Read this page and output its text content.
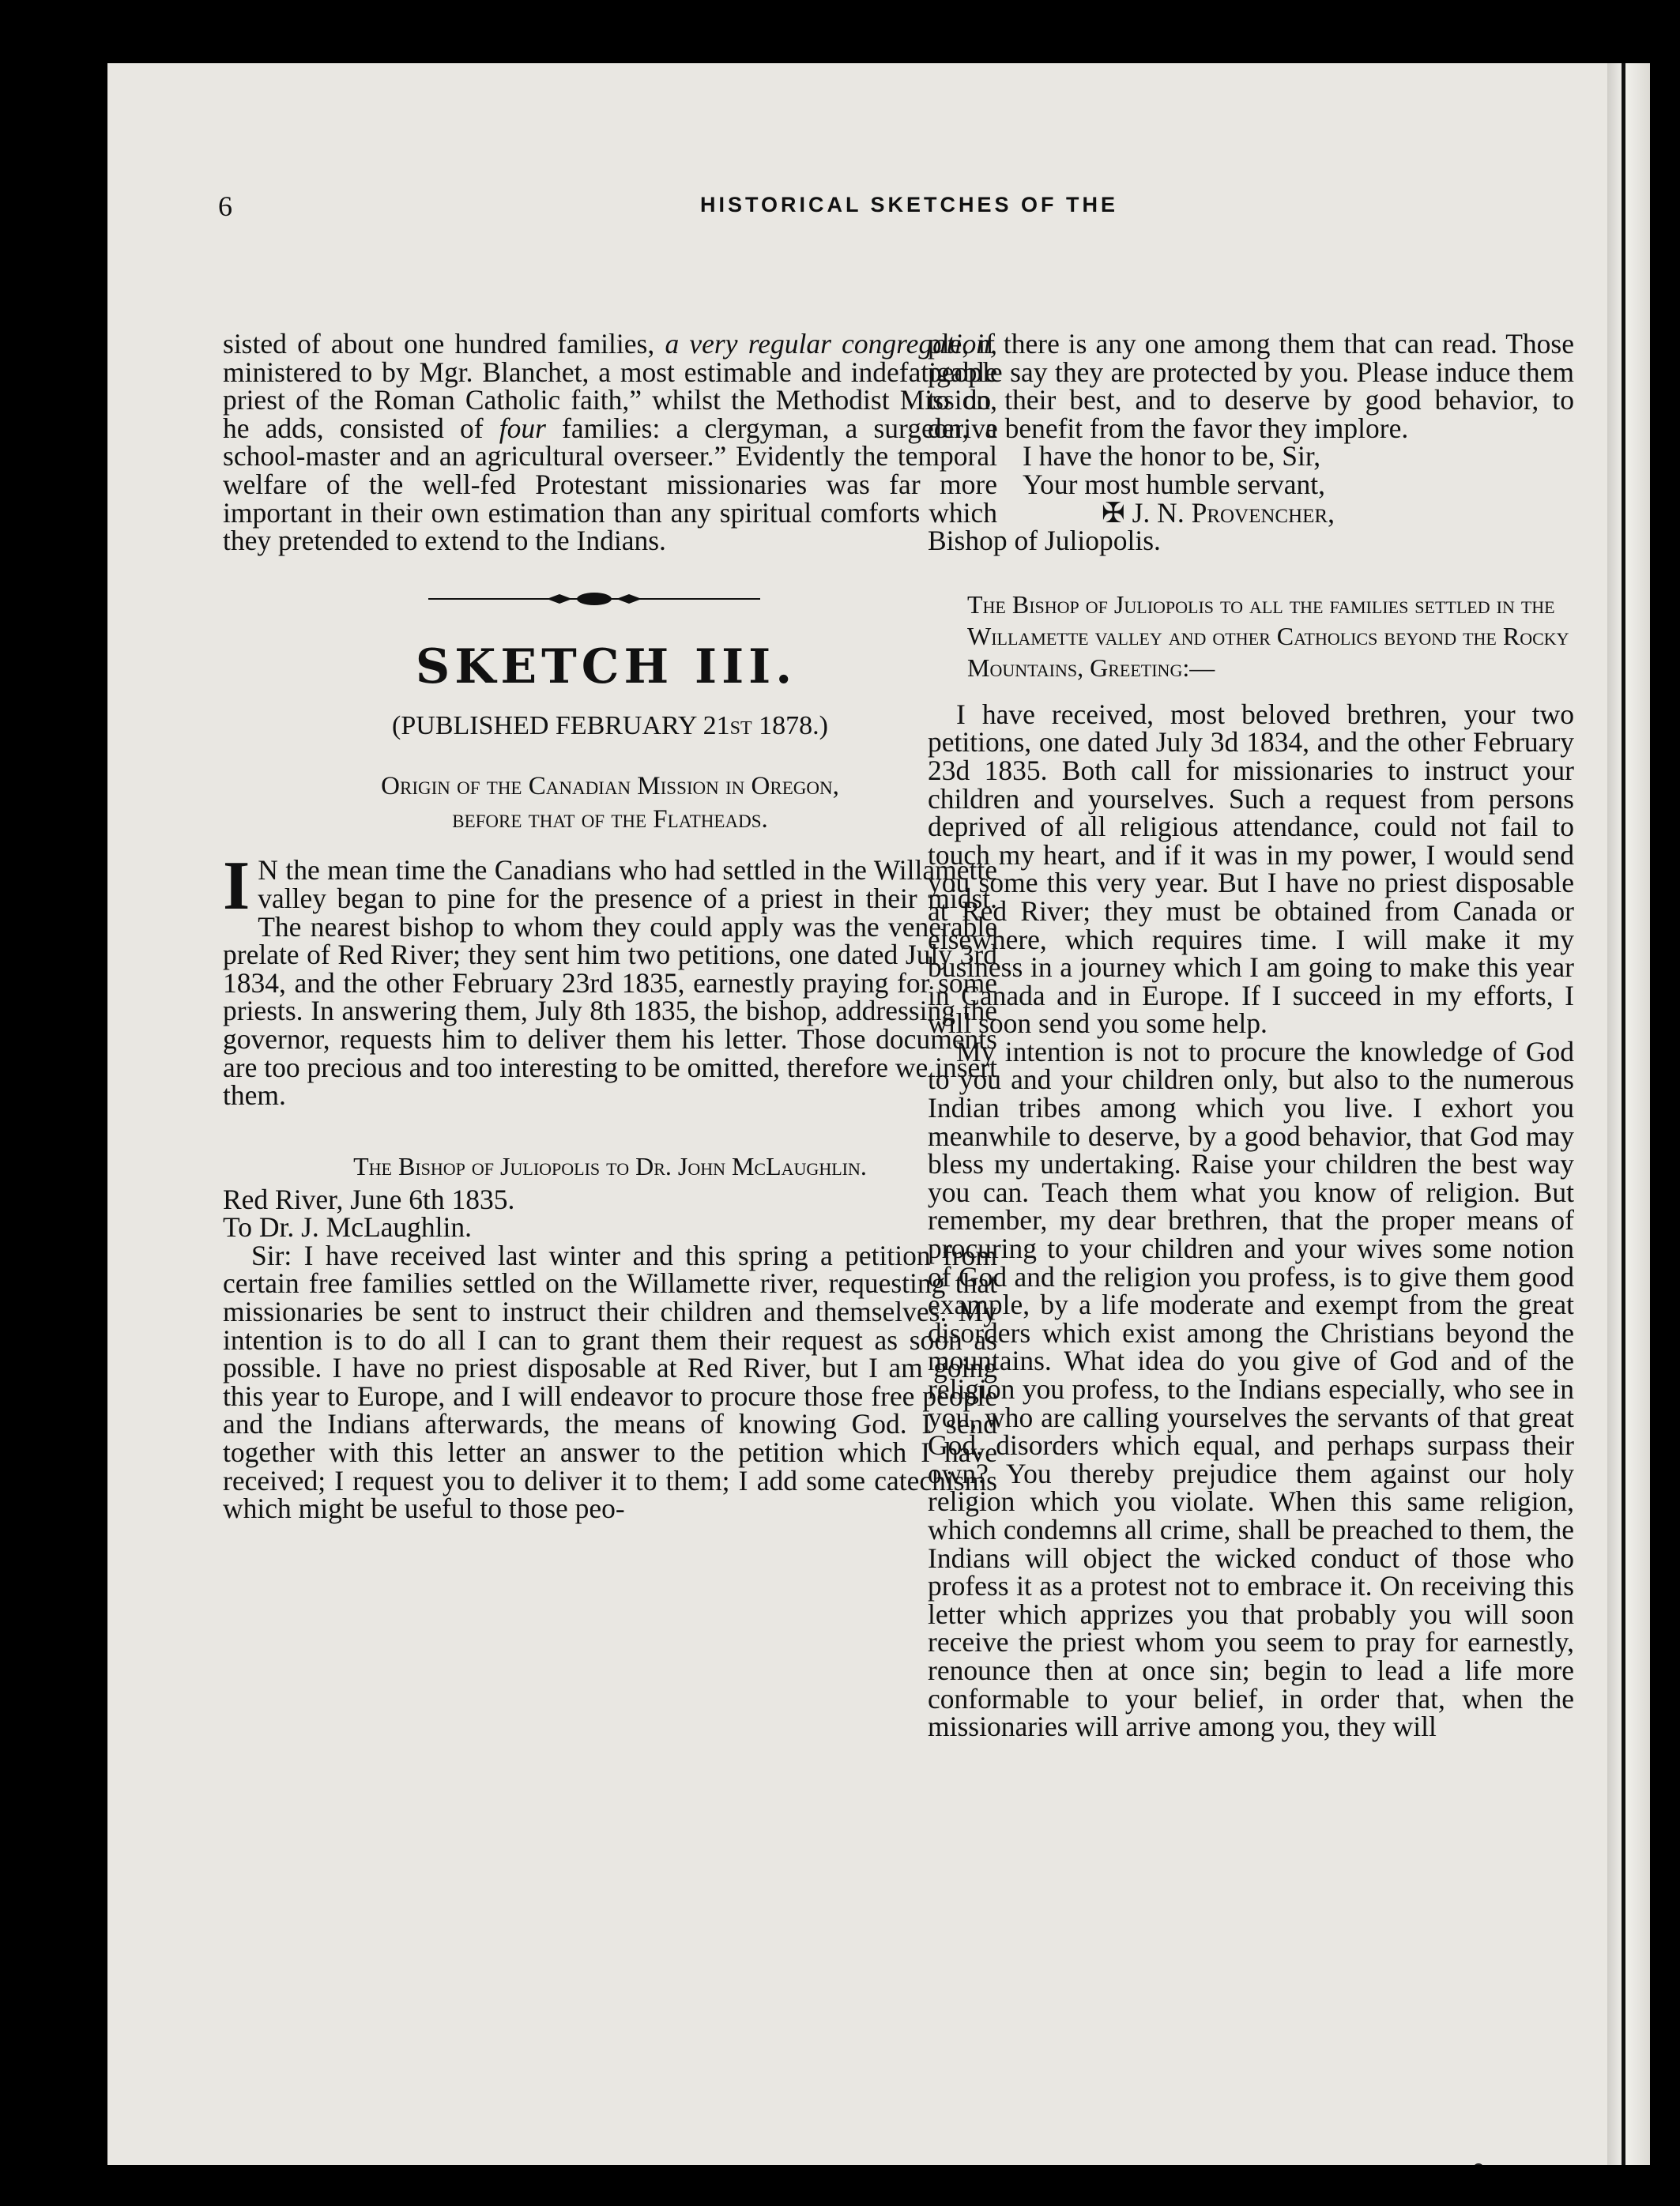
6	HISTORICAL SKETCHES OF THE

sisted of about one hundred families, a very regular congregation, ministered to by Mgr. Blanchet, a most estimable and indefatigable priest of the Roman Catholic faith,” whilst the Methodist Mission, he adds, consisted of four families: a clergyman, a surgeon, a school-master and an agricultural overseer.” Evidently the temporal welfare of the well-fed Protestant missionaries was far more important in their own estimation than any spiritual comforts which they pretended to extend to the Indians.

SKETCH III.
(PUBLISHED FEBRUARY 21st 1878.)
Origin of the Canadian Mission in Oregon,
before that of the Flatheads.

I N the mean time the Canadians who had settled in the Willamette valley began to pine for the presence of a priest in their midst. The nearest bishop to whom they could apply was the venerable prelate of Red River; they sent him two petitions, one dated July 3rd 1834, and the other February 23rd 1835, earnestly praying for some priests. In answering them, July 8th 1835, the bishop, addressing the governor, requests him to deliver them his letter. Those documents are too precious and too interesting to be omitted, therefore we insert them.

The Bishop of Juliopolis to Dr. John McLaughlin.

Red River, June 6th 1835.

To Dr. J. McLaughlin.

Sir: I have received last winter and this spring a petition from certain free families settled on the Willamette river, requesting that missionaries be sent to instruct their children and themselves. My intention is to do all I can to grant them their request as soon as possible. I have no priest disposable at Red River, but I am going this year to Europe, and I will endeavor to procure those free people and the Indians afterwards, the means of knowing God. I send together with this letter an answer to the petition which I have received; I request you to deliver it to them; I add some catechisms which might be useful to those peo-

ple, if there is any one among them that can read. Those people say they are protected by you. Please induce them to do their best, and to deserve by good behavior, to derive benefit from the favor they implore.

I have the honor to be, Sir,

Your most humble servant,

✠ J. N. Provencher,

Bishop of Juliopolis.

The Bishop of Juliopolis to all the families settled in the Willamette valley and other Catholics beyond the Rocky Mountains, Greeting:—

I have received, most beloved brethren, your two petitions, one dated July 3d 1834, and the other February 23d 1835. Both call for missionaries to instruct your children and yourselves. Such a request from persons deprived of all religious attendance, could not fail to touch my heart, and if it was in my power, I would send you some this very year. But I have no priest disposable at Red River; they must be obtained from Canada or elsewhere, which requires time. I will make it my business in a journey which I am going to make this year in Canada and in Europe. If I succeed in my efforts, I will soon send you some help.

My intention is not to procure the knowledge of God to you and your children only, but also to the numerous Indian tribes among which you live. I exhort you meanwhile to deserve, by a good behavior, that God may bless my undertaking. Raise your children the best way you can. Teach them what you know of religion. But remember, my dear brethren, that the proper means of procuring to your children and your wives some notion of God and the religion you profess, is to give them good example, by a life moderate and exempt from the great disorders which exist among the Christians beyond the mountains. What idea do you give of God and of the religion you profess, to the Indians especially, who see in you, who are calling yourselves the servants of that great God, disorders which equal, and perhaps surpass their own? You thereby prejudice them against our holy religion which you violate. When this same religion, which condemns all crime, shall be preached to them, the Indians will object the wicked conduct of those who profess it as a protest not to embrace it. On receiving this letter which apprizes you that probably you will soon receive the priest whom you seem to pray for earnestly, renounce then at once sin; begin to lead a life more conformable to your belief, in order that, when the missionaries will arrive among you, they will
